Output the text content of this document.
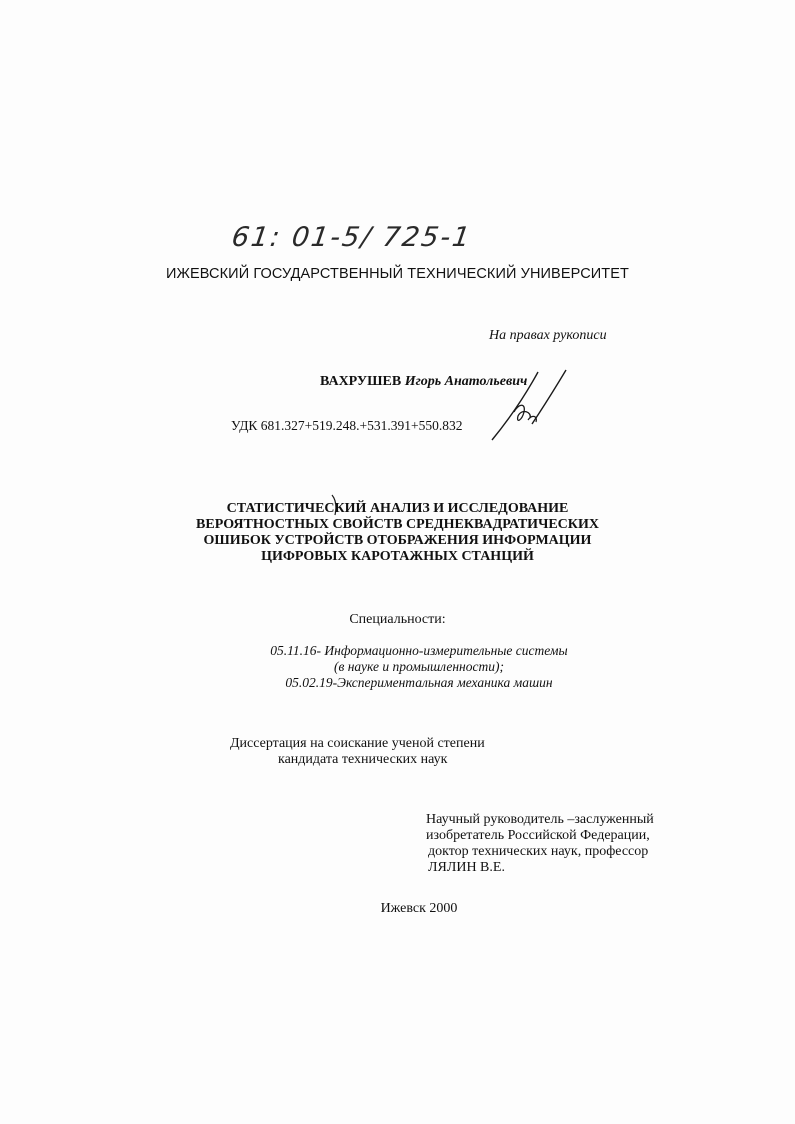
61: 01-5/ 725-1
ИЖЕВСКИЙ ГОСУДАРСТВЕННЫЙ ТЕХНИЧЕСКИЙ УНИВЕРСИТЕТ
На правах рукописи
ВАХРУШЕВ Игорь Анатольевич
УДК 681.327+519.248.+531.391+550.832
СТАТИСТИЧЕСКИЙ АНАЛИЗ И ИССЛЕДОВАНИЕ
ВЕРОЯТНОСТНЫХ СВОЙСТВ СРЕДНЕКВАДРАТИЧЕСКИХ
ОШИБОК УСТРОЙСТВ ОТОБРАЖЕНИЯ ИНФОРМАЦИИ
ЦИФРОВЫХ КАРОТАЖНЫХ СТАНЦИЙ
Специальности:
05.11.16- Информационно-измерительные системы
(в науке и промышленности);
05.02.19-Экспериментальная механика машин
Диссертация на соискание ученой степени
кандидата технических наук
Научный руководитель –заслуженный
изобретатель Российской Федерации,
доктор технических наук, профессор
ЛЯЛИН В.Е.
Ижевск 2000
